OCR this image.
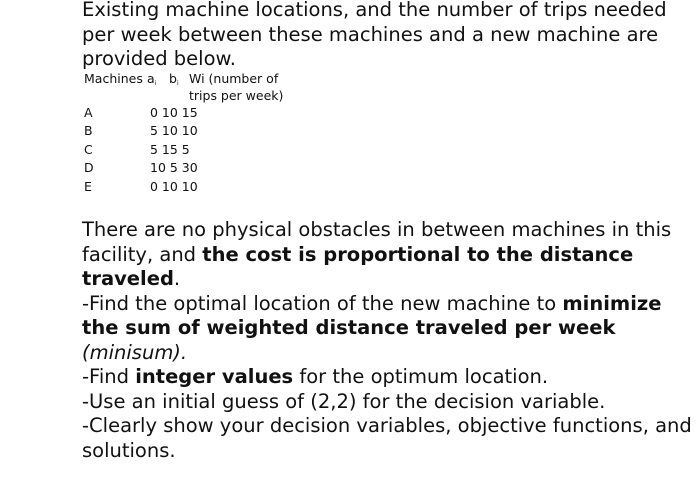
Existing machine locations, and the number of trips needed per week between these machines and a new machine are provided below.

Machines $a_i$ $b_i$ Wi (number of
trips per week)
A	0 10 15
B	5 10 10
C	5 15 5
D	10 5 30
E	0 10 10

There are no physical obstacles in between machines in this facility, and the cost is proportional to the distance traveled.

-Find the optimal location of the new machine to minimize the sum of weighted distance traveled per week (minisum).

-Find integer values for the optimum location.

-Use an initial guess of (2,2) for the decision variable.

-Clearly show your decision variables, objective functions, and solutions.
